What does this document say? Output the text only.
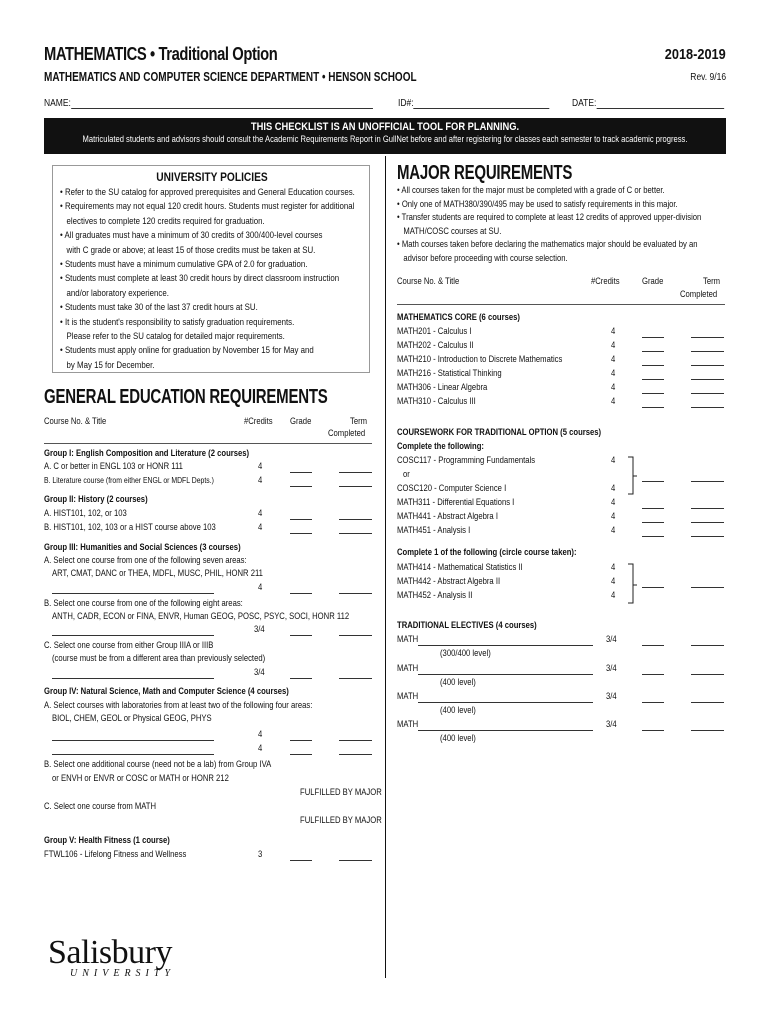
MATHEMATICS • Traditional Option	2018-2019
MATHEMATICS AND COMPUTER SCIENCE DEPARTMENT • HENSON SCHOOL	Rev. 9/16
NAME:	ID#:	DATE:
THIS CHECKLIST IS AN UNOFFICIAL TOOL FOR PLANNING.
Matriculated students and advisors should consult the Academic Requirements Report in GullNet before and after registering for classes each semester to track academic progress.
UNIVERSITY POLICIES
• Refer to the SU catalog for approved prerequisites and General Education courses.
• Requirements may not equal 120 credit hours. Students must register for additional
electives to complete 120 credits required for graduation.
• All graduates must have a minimum of 30 credits of 300/400-level courses
with C grade or above; at least 15 of those credits must be taken at SU.
• Students must have a minimum cumulative GPA of 2.0 for graduation.
• Students must complete at least 30 credit hours by direct classroom instruction
and/or laboratory experience.
• Students must take 30 of the last 37 credit hours at SU.
• It is the student's responsibility to satisfy graduation requirements.
Please refer to the SU catalog for detailed major requirements.
• Students must apply online for graduation by November 15 for May and
by May 15 for December.
GENERAL EDUCATION REQUIREMENTS
Course No. & Title	#Credits Grade	Term
Completed
Group I: English Composition and Literature (2 courses)
A. C or better in ENGL 103 or HONR 111	4
B. Literature course (from either ENGL or MDFL Depts.)	4
Group II: History (2 courses)
A. HIST101, 102, or 103	4
B. HIST101, 102, 103 or a HIST course above 103	4
Group III: Humanities and Social Sciences (3 courses)
A. Select one course from one of the following seven areas:
ART, CMAT, DANC or THEA, MDFL, MUSC, PHIL, HONR 211
4
B. Select one course from one of the following eight areas:
ANTH, CADR, ECON or FINA, ENVR, Human GEOG, POSC, PSYC, SOCI, HONR 112
3/4
C. Select one course from either Group IIIA or IIIB
(course must be from a different area than previously selected)
3/4
Group IV: Natural Science, Math and Computer Science (4 courses)
A. Select courses with laboratories from at least two of the following four areas:
BIOL, CHEM, GEOL or Physical GEOG, PHYS
4
4
B. Select one additional course (need not be a lab) from Group IVA
or ENVH or ENVR or COSC or MATH or HONR 212
FULFILLED BY MAJOR
C. Select one course from MATH
FULFILLED BY MAJOR
Group V: Health Fitness (1 course)
FTWL106 - Lifelong Fitness and Wellness	3
MAJOR REQUIREMENTS
• All courses taken for the major must be completed with a grade of C or better.
• Only one of MATH380/390/495 may be used to satisfy requirements in this major.
• Transfer students are required to complete at least 12 credits of approved upper-division
MATH/COSC courses at SU.
• Math courses taken before declaring the mathematics major should be evaluated by an
advisor before proceeding with course selection.
Course No. & Title	#Credits Grade	Term
Completed
MATHEMATICS CORE (6 courses)
MATH201 - Calculus I	4
MATH202 - Calculus II	4
MATH210 - Introduction to Discrete Mathematics	4
MATH216 - Statistical Thinking	4
MATH306 - Linear Algebra	4
MATH310 - Calculus III	4
COURSEWORK FOR TRADITIONAL OPTION (5 courses)
Complete the following:
COSC117 - Programming Fundamentals	4
or
COSC120 - Computer Science I	4
MATH311 - Differential Equations I	4
MATH441 - Abstract Algebra I	4
MATH451 - Analysis I	4
Complete 1 of the following (circle course taken):
MATH414 - Mathematical Statistics II	4
MATH442 - Abstract Algebra II	4
MATH452 - Analysis II	4
TRADITIONAL ELECTIVES (4 courses)
MATH	3/4
(300/400 level)
MATH	3/4
(400 level)
MATH	3/4
(400 level)
MATH	3/4
(400 level)
Salisbury
UNIVERSITY
